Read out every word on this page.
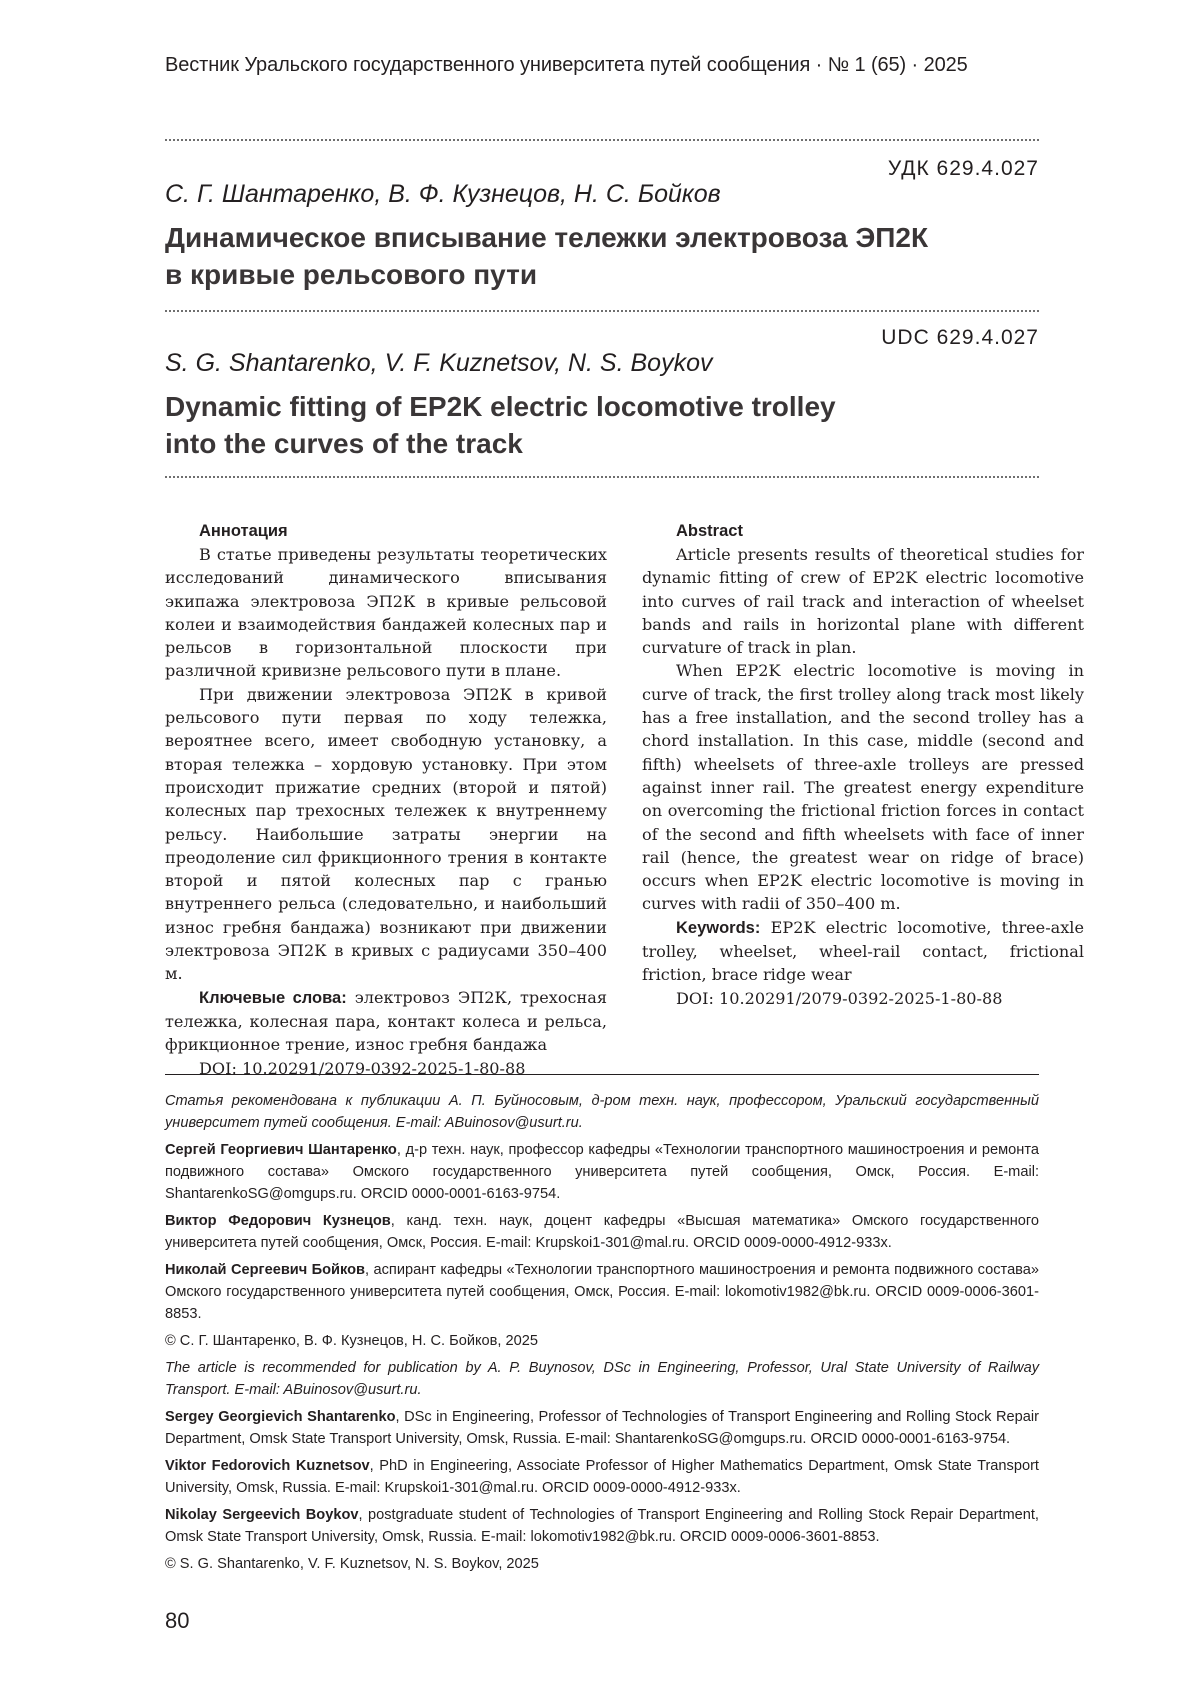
Вестник Уральского государственного университета путей сообщения · № 1 (65) · 2025
УДК 629.4.027
С. Г. Шантаренко, В. Ф. Кузнецов, Н. С. Бойков
Динамическое вписывание тележки электровоза ЭП2К
в кривые рельсового пути
UDC 629.4.027
S. G. Shantarenko, V. F. Kuznetsov, N. S. Boykov
Dynamic fitting of EP2K electric locomotive trolley
into the curves of the track
Аннотация

В статье приведены результаты теоретических исследований динамического вписывания экипажа электровоза ЭП2К в кривые рельсовой колеи и взаимодействия бандажей колесных пар и рельсов в горизонтальной плоскости при различной кривизне рельсового пути в плане.

При движении электровоза ЭП2К в кривой рельсового пути первая по ходу тележка, вероятнее всего, имеет свободную установку, а вторая тележка – хордовую установку. При этом происходит прижатие средних (второй и пятой) колесных пар трехосных тележек к внутреннему рельсу. Наибольшие затраты энергии на преодоление сил фрикционного трения в контакте второй и пятой колесных пар с гранью внутреннего рельса (следовательно, и наибольший износ гребня бандажа) возникают при движении электровоза ЭП2К в кривых с радиусами 350–400 м.

Ключевые слова: электровоз ЭП2К, трехосная тележка, колесная пара, контакт колеса и рельса, фрикционное трение, износ гребня бандажа

DOI: 10.20291/2079-0392-2025-1-80-88

Abstract

Article presents results of theoretical studies for dynamic fitting of crew of EP2K electric locomotive into curves of rail track and interaction of wheelset bands and rails in horizontal plane with different curvature of track in plan.

When EP2K electric locomotive is moving in curve of track, the first trolley along track most likely has a free installation, and the second trolley has a chord installation. In this case, middle (second and fifth) wheelsets of three-axle trolleys are pressed against inner rail. The greatest energy expenditure on overcoming the frictional friction forces in contact of the second and fifth wheelsets with face of inner rail (hence, the greatest wear on ridge of brace) occurs when EP2K electric locomotive is moving in curves with radii of 350–400 m.

Keywords: EP2K electric locomotive, three-axle trolley, wheelset, wheel-rail contact, frictional friction, brace ridge wear

DOI: 10.20291/2079-0392-2025-1-80-88

Статья рекомендована к публикации А. П. Буйносовым, д-ром техн. наук, профессором, Уральский государственный университет путей сообщения. E-mail: ABuinosov@usurt.ru.

Сергей Георгиевич Шантаренко, д-р техн. наук, профессор кафедры «Технологии транспортного машиностроения и ремонта подвижного состава» Омского государственного университета путей сообщения, Омск, Россия. E-mail: ShantarenkoSG@omgups.ru. ORCID 0000-0001-6163-9754.

Виктор Федорович Кузнецов, канд. техн. наук, доцент кафедры «Высшая математика» Омского государственного университета путей сообщения, Омск, Россия. E-mail: Krupskoi1-301@mal.ru. ORCID 0009-0000-4912-933x.

Николай Сергеевич Бойков, аспирант кафедры «Технологии транспортного машиностроения и ремонта подвижного состава» Омского государственного университета путей сообщения, Омск, Россия. E-mail: lokomotiv1982@bk.ru. ORCID 0009-0006-3601-8853.

© С. Г. Шантаренко, В. Ф. Кузнецов, Н. С. Бойков, 2025

The article is recommended for publication by A. P. Buynosov, DSc in Engineering, Professor, Ural State University of Railway Transport. E-mail: ABuinosov@usurt.ru.

Sergey Georgievich Shantarenko, DSc in Engineering, Professor of Technologies of Transport Engineering and Rolling Stock Repair Department, Omsk State Transport University, Omsk, Russia. E-mail: ShantarenkoSG@omgups.ru. ORCID 0000-0001-6163-9754.

Viktor Fedorovich Kuznetsov, PhD in Engineering, Associate Professor of Higher Mathematics Department, Omsk State Transport University, Omsk, Russia. E-mail: Krupskoi1-301@mal.ru. ORCID 0009-0000-4912-933x.

Nikolay Sergeevich Boykov, postgraduate student of Technologies of Transport Engineering and Rolling Stock Repair Department, Omsk State Transport University, Omsk, Russia. E-mail: lokomotiv1982@bk.ru. ORCID 0009-0006-3601-8853.

© S. G. Shantarenko, V. F. Kuznetsov, N. S. Boykov, 2025

80
